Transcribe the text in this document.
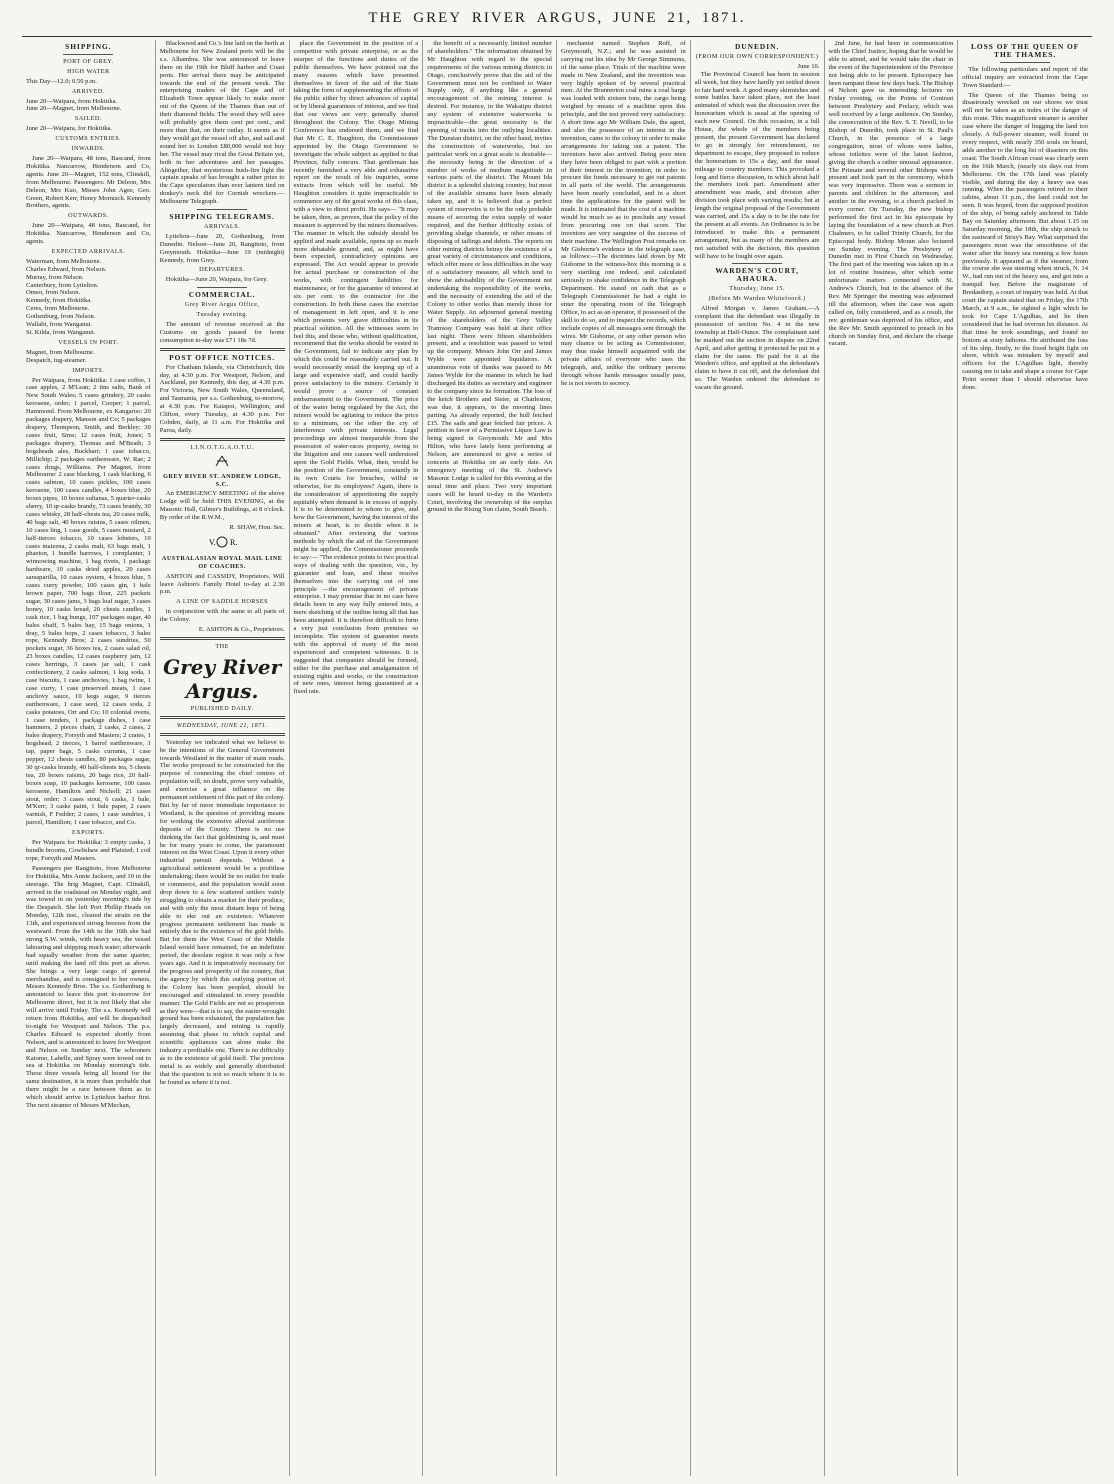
THE GREY RIVER ARGUS, JUNE 21, 1871.
SHIPPING.
PORT OF GREY.
HIGH WATER
This Day—12.0; 0.50 p.m.
ARRIVED.
June 20—Waipara, from Hokitika.
June 20—Magnet, from Melbourne.
SAILED.
June 20—Waipara, for Hokitika.
CUSTOMS ENTRIES.
INWARDS.
June 20—Waipara, 48 tons, Bascand, from Hokitika. Nancarrow, Henderson and Co, agents. June 20—Magnet, 152 tons, Clinskill, from Melbourne. Passengers: Mr Deleon, Mrs Deleon, Mrs Kuo, Misses John Agee, Geo. Green, Robert Kerr, Henry Mornisch. Kennedy Brothers, agents.
OUTWARDS.
June 20—Waipara, 48 tons, Bascand, for Hokitika. Nancarrow, Henderson and Co, agents.
EXPECTED ARRIVALS.
Waterman, from Melbourne.
Charles Edward, from Nelson.
Murray, from Nelson.
Canterbury, from Lyttelton.
Omeo, from Nelson.
Kennedy, from Hokitika.
Ceres, from Melbourne.
Gothenburg, from Nelson.
Wallabi, from Wanganui.
St. Kilda, from Wanganui.
VESSELS IN PORT.
Magnet, from Melbourne.
Despatch, tug-steamer.
IMPORTS.
Per Waipara, from Hokitika: 1 case coffee, 1 case apples, 2 M'Lean; 2 tins salts, Bank of New South Wales; 5 cases grindery, 20 casks kerosene, order; 1 parcel, Cooper; 1 parcel, Hammond. From Melbourne, ex Kangaroo: 20 packages drapery, Manson and Co; 5 packages drapery, Thompson, Smith, and Berkley; 30 cases fruit, Sims; 12 cases fruit, Jones; 5 packages drapery, Thomas and M'Beath; 3 hogsheads ales, Buckhart; 1 case tobacco, Millichip; 2 packages earthenware, W. Rae; 2 cases drugs, Williams. Per Magnet, from Melbourne: 2 case blacking, 1 cask blacking, 6 cases salmon, 10 cases pickles, 100 cases kerosene, 100 cases candles, 4 boxes blue, 20 boxes pipes, 10 boxes sultanas, 5 quarter-casks sherry, 10 qr-casks brandy, 73 cases brandy, 30 cases whisky, 28 half-chests tea, 20 cases milk, 40 bags salt, 40 boxes raisins, 5 cases oilmen, 10 cases ling, 1 case goods, 5 cases mustard, 2 half-tierces tobacco, 10 cases lobsters, 10 cases maizena, 2 casks malt, 63 bags malt, 1 phaeton, 1 bundle harrows, 1 cornplanter, 1 winnowing machine, 1 bag rivets, 1 package hardware, 10 casks dried apples, 20 cases sarsaparilla, 10 cases oysters, 4 boxes blue, 5 cases curry powder, 100 cases gin, 1 bale brown paper, 700 bags flour, 225 packets sugar, 30 cases jams, 3 bags loaf sugar, 3 cases honey, 10 casks bread, 20 chests candles, 1 cask rice, 1 bag bungs, 107 packages sugar, 40 bales chaff, 5 bales hay, 15 bags onions, 1 dray, 5 bales hops, 2 cases tobacco, 3 bales rope, Kennedy Bros; 2 cases sundries, 50 pockets sugar, 36 boxes tea, 2 cases salad oil, 23 boxes candles, 12 cases raspberry jam, 12 cases herrings, 3 cases jar salt, 1 cask confectionery, 2 casks salmon, 1 keg soda, 1 case biscuits, 1 case anchovies, 1 bag twine, 1 case curry, 1 case preserved meats, 1 case anchovy sauce, 10 kegs sugar, 9 tierces earthenware, 1 case seed, 12 cases soda, 2 casks potatoes, Orr and Co; 10 colonial ovens, 1 case tenders, 1 package dishes, 1 case hammers, 2 pieces chain, 2 casks, 2 cases, 2 bales drapery, Forsyth and Masters; 2 crates, 1 hogshead, 2 tierces, 1 barrel earthenware, 1 tap, paper bags, 5 casks currants, 1 case pepper, 12 chests candles, 80 packages sugar, 30 qr-casks brandy, 40 half-chests tea, 5 chests tea, 20 boxes raisins, 20 bags rice, 20 half-boxes soap, 10 packages kerosene, 100 cases kerosene, Hamilton and Nicholl; 21 cases stout, order; 3 cases stout, 6 casks, 1 bale, M'Kerr; 3 casks paint, 1 bale paper, 2 cases varnish, F Fedder; 2 cases, 1 case sundries, 1 parcel, Hamilton; 1 case tobacco, and Co.
EXPORTS.
Per Waipara for Hokitika: 3 empty casks, 1 bundle brooms, Cowlishaw and Plaisted; 1 coil rope, Forsyth and Masters.
Passengers per Rangitoto, from Melbourne for Hokitika, Mrs Annie Jackson, and 10 in the steerage. The brig Magnet, Capt. Clinskill, arrived in the roadstead on Monday night, and was towed in on yesterday morning's tide by the Despatch. She left Port Phillip Heads on Monday, 12th inst., cleared the straits on the 13th, and experienced strong breezes from the westward. From the 14th to the 16th she had strong S.W. winds, with heavy sea, the vessel labouring and shipping much water; afterwards had squally weather from the same quarter, until making the land off this port as above. She brings a very large cargo of general merchandise, and is consigned to her owners, Messrs Kennedy Bros. The s.s. Gothenburg is announced to leave this port to-morrow for Melbourne direct, but it is not likely that she will arrive until Friday. The s.s. Kennedy will return from Hokitika, and will be despatched to-night for Westport and Nelson. The p.s. Charles Edward is expected shortly from Nelson, and is announced to leave for Westport and Nelson on Sunday next. The schooners Kaiomo, Labelle, and Spray were towed out to sea at Hokitika on Monday morning's tide. These three vessels being all bound for the same destination, it is more than probable that there might be a race between them as to which should arrive in Lyttelton harbor first. The next steamer of Messrs M'Meckan,
Blackwood and Co.'s line laid on the berth at Melbourne for New Zealand ports will be the s.s. Alhambra. She was announced to leave there on the 19th for Bluff harbor and Coast ports. Her arrival there may be anticipated towards the end of the present week. The enterprising traders of the Cape and of Elizabeth Town appear likely to make more out of the Queen of the Thames than out of their diamond fields. The wood they will save will probably give them cent per cent., and more than that, on their outlay. It seems as if they would get the vessel off also, and sail and sound her to London £80,000 would not buy her. The vessel may rival the Great Britain yet, both in her adventures and her passages. Altogether, that mysterious bush-fire light the captain speaks of has brought a rather prize to the Cape speculators than ever lantern tied on donkey's neck did for Cornish wreckers.—Melbourne Telegraph.
SHIPPING TELEGRAMS.
ARRIVALS.
Lyttelton—June 20, Gothenburg, from Dunedin. Nelson—June 20, Rangitoto, from Greymouth. Hokitika—June 19 (midnight) Kennedy, from Grey.
DEPARTURES.
Hokitika—June 20, Waipara, for Grey.
COMMERCIAL.
Grey River Argus Office,
Tuesday evening.
The amount of revenue received at the Customs on goods passed for home consumption to-day was £71 18s 7d.
POST OFFICE NOTICES.
For Chatham Islands, via Christchurch, this day, at 4.30 p.m. For Westport, Nelson, and Auckland, per Kennedy, this day, at 4.30 p.m. For Victoria, New South Wales, Queensland, and Tasmania, per s.s. Gothenburg, to-morrow, at 4.30 p.m. For Kaiapoi, Wellington, and Clifton, every Tuesday, at 4.30 p.m. For Cobden, daily, at 11 a.m. For Hokitika and Paroa, daily.
I.I.N.O.T.G.A.O.T.U.
GREY RIVER ST. ANDREW LODGE, S.C.
An EMERGENCY MEETING of the above Lodge will be held THIS EVENING, at the Masonic Hall, Gilmer's Buildings, at 8 o'clock. By order of the R.W.M.,
R. SHAW, Hon. Sec.
V. R.
AUSTRALASIAN ROYAL MAIL LINE OF COACHES.
ASHTON and CASSIDY, Proprietors. Will leave Ashton's Family Hotel to-day at 2.30 p.m.
A LINE OF SADDLE HORSES
in conjunction with the same to all parts of the Colony.
E. ASHTON & Co., Proprietors.
THE
Grey River Argus.
PUBLISHED DAILY.
WEDNESDAY, JUNE 21, 1871.
Yesterday we indicated what we believe to be the intentions of the General Government towards Westland in the matter of main roads. The works proposed to be constructed for the purpose of connecting the chief centres of population will, no doubt, prove very valuable, and exercise a great influence on the permanent settlement of this part of the colony. But by far of more immediate importance to Westland, is the question of providing means for working the extensive alluvial auriferous deposits of the County. There is no use thinking the fact that goldmining is, and must be for many years to come, the paramount interest on the West Coast. Upon it every other industrial pursuit depends. Without a agricultural settlement would be a profitless undertaking; there would be no outlet for trade or commerce, and the population would soon drop down to a few scattered settlers vainly struggling to obtain a market for their produce, and with only the most distant hope of being able to eke out an existence. Whatever progress permanent settlement has made is entirely due to the existence of the gold fields. But for them the West Coast of the Middle Island would have remained, for an indefinite period, the desolate region it was only a few years ago. And it is imperatively necessary for the progress and prosperity of the country, that the agency by which this outlying portion of the Colony has been peopled, should be encouraged and stimulated in every possible manner. The Gold Fields are not so prosperous as they were—that is to say, the easier-wrought ground has been exhausted, the population has largely decreased, and mining is rapidly assuming that phase in which capital and scientific appliances can alone make the industry a profitable one. There is no difficulty as to the existence of gold itself. The precious metal is as widely and generally distributed that the question is not so much where it is to be found as where it is not.
place the Government in the position of a competitor with private enterprise, or as the usurper of the functions and duties of the public themselves. We have pointed out the many reasons which have presented themselves in favor of the aid of the State taking the form of supplementing the efforts of the public either by direct advances of capital or by liberal guarantees of interest, and we find that our views are very generally shared throughout the Colony. The Otago Mining Conference has endorsed them, and we find that Mr C. E. Haughton, the Commissioner appointed by the Otago Government to investigate the whole subject as applied to that Province, fully concurs. That gentleman has recently furnished a very able and exhaustive report on the result of his inquiries, some extracts from which will be useful. Mr Haughton considers it quite impracticable to commence any of the great works of this class, with a view to direct profit. He says— "It may be taken, then, as proven, that the policy of the measure is approved by the miners themselves. The manner in which the subsidy should be applied and made available, opens up so much more debatable ground, and, as might have been expected, contradictory opinions are expressed. The Act would appear to provide for actual purchase or construction of the works, with contingent liabilities for maintenance, or for the guarantee of interest at six per cent. to the contractor for the construction. In both these cases the exercise of management in left open, and it is one which presents very grave difficulties in its practical solution. All the witnesses seem to feel this, and those who, without qualification, recommend that the works should be vested in the Government, fail to indicate any plan by which this could be reasonably carried out. It would necessarily entail the keeping up of a large and expensive staff, and could hardly prove satisfactory to the miners. Certainly it would prove a source of constant embarrassment to the Government. The price of the water being regulated by the Act, the miners would be agitating to reduce the price to a minimum, on the other the cry of interference with private interests. Legal proceedings are almost inseparable from the possession of water-races property, owing to the litigation and one causes well understood upon the Gold Fields. What, then, would be the position of the Government, constantly in its own Courts for breaches, wilful or otherwise, for its employees? Again, there is the consideration of apportioning the supply equitably when demand is in excess of supply. It is to be determined to whom to give, and how the Government, having the interest of the miners at heart, is to decide when it is obtained." After reviewing the various methods by which the aid of the Government might be applied, the Commissioner proceeds to say:— "The evidence points to two practical ways of dealing with the question, viz., by guarantee and loan, and these resolve themselves into the carrying out of one principle —the encouragement of private enterprise. I may premise that in no case have details been in any way fully entered into, a mere sketching of the outline being all that has been attempted. It is therefore difficult to form a very just conclusion from premises so incomplete. The system of guarantee meets with the approval of many of the most experienced and competent witnesses. It is suggested that companies should be formed, either for the purchase and amalgamation of existing rights and works, or the construction of new ones, interest being guaranteed at a fixed rate.
the benefit of a necessarily limited number of shareholders." The information obtained by Mr Haughton with regard to the special requirements of the various mining districts in Otago, conclusively prove that the aid of the Government must not be confined to Water Supply only, if anything like a general encouragement of the mining interest is desired. For instance, in the Wakatipu district any system of extensive waterworks is impracticable—the great necessity is the opening of tracks into the outlying localities. The Dunstan district, on the other hand, invites the construction of waterworks, but no particular work on a great scale is desirable—the necessity being in the direction of a number of works of medium magnitude in various parts of the district. The Mount Ida district is a splendid sluicing country, but most of the available streams have been already taken up, and it is believed that a perfect system of reservoirs is to be the only probable means of securing the extra supply of water required, and the further difficulty exists of providing sludge channels, or other means of disposing of tailings and debris. The reports on other mining districts betray the existence of a great variety of circumstances and conditions, which offer more or less difficulties in the way of a satisfactory measure, all which tend to show the advisability of the Government not undertaking the responsibility of the works, and the necessity of extending the aid of the Colony to other works than merely those for Water Supply. An adjourned general meeting of the shareholders of the Grey Valley Tramway Company was held at their office last night. There were fifteen shareholders present, and a resolution was passed to wind up the company. Messrs John Orr and James Wylde were appointed liquidators. A unanimous vote of thanks was passed to Mr James Wylde for the manner in which he had discharged his duties as secretary and engineer to the company since its formation. The loss of the ketch Brothers and Sister, at Charleston, was due, it appears, to the mooring lines parting. As already reported, the hull fetched £15. The sails and gear fetched fair prices. A petition in favor of a Permissive Liquor Law is being signed in Greymouth. Mr and Mrs Hilton, who have lately been performing at Nelson, are announced to give a series of concerts at Hokitika on an early date. An emergency meeting of the St. Andrew's Masonic Lodge is called for this evening at the usual time and place. Two very important cases will be heard to-day in the Warden's Court, involving the ownership of the surplus ground in the Rising Sun claim, South Beach.
mechanist named Stephen Roff, of Greymouth, N.Z.; and he was assisted in carrying out his idea by Mr George Simmons, of the same place. Trials of the machine were made in New Zealand, and the invention was very highly spoken of by several practical men. At the Brunnerton coal mine a coal barge was loaded with sixteen tons, the cargo being weighed by means of a machine upon this principle, and the test proved very satisfactory. A short time ago Mr William Dale, the agent, and also the possessor of an interest in the invention, came to the colony in order to make arrangements for taking out a patent. The inventors have also arrived. Being poor men they have been obliged to part with a portion of their interest in the invention, in order to procure the funds necessary to get out patents in all parts of the world. The arrangements have been nearly concluded, and in a short time the applications for the patent will be made. It is intimated that the cost of a machine would be much so as to preclude any vessel from procuring one on that score. The inventors are very sanguine of the success of their machine. The Wellington Post remarks on Mr Gisborne's evidence in the telegraph case, as follows:—The doctrines laid down by Mr Gisborne in the witness-box this morning is a very startling one indeed, and calculated seriously to shake confidence in the Telegraph Department. He stated on oath that as a Telegraph Commissioner he had a right to enter the operating room of the Telegraph Office, to act as an operator, if possessed of the skill to do so, and to inspect the records, which include copies of all messages sent through the wires. Mr Gisborne, or any other person who may chance to be acting as Commissioner, may thus make himself acquainted with the private affairs of everyone who uses the telegraph, and, unlike the ordinary persons through whose hands messages usually pass, he is not sworn to secrecy.
DUNEDIN.
(FROM OUR OWN CORRESPONDENT.)
June 10.
The Provincial Council has been in session all week, but they have hardly yet settled down to fair hard work. A good many skirmishes and some battles have taken place, not the least animated of which was the discussion over the honorarium which is usual at the opening of each new Council. On this occasion, in a full House, the whole of the members being present, the present Government has declared to go in strongly for retrenchment, no department to escape, they proposed to reduce the honorarium to 15s a day, and the usual mileage to country members. This provoked a long and fierce discussion, in which about half the members took part. Amendment after amendment was made, and division after division took place with varying results; but at length the original proposal of the Government was carried, and 15s a day is to be the rate for the present at all events. An Ordinance is to be introduced to make this a permanent arrangement, but as many of the members are not satisfied with the decision, this question will have to be fought over again.
WARDEN'S COURT, AHAURA.
Thursday, June 15.
(Before Mr Warden Whitefoord.)
Alfred Morgan v. James Graham.—A complaint that the defendant was illegally in possession of section No. 4 in the new township at Half-Ounce. The complainant said he marked out the section in dispute on 22nd April, and after getting it protected he put in a claim for the same. He paid for it at the Warden's office, and applied at the defendant's claim to have it cut off, and the defendant did so. The Warden ordered the defendant to vacate the ground.
2nd June, he had been in communication with the Chief Justice, hoping that he would be able to attend, and he would take the chair in the event of the Superintendent of the Province not being able to be present. Episcopacy has been rampant these few days back. The Bishop of Nelson gave us interesting lectures on Friday evening, on the Points of Contrast between Presbytery and Prelacy, which was well received by a large audience. On Sunday, the consecration of the Rev. S. T. Nevill, to be Bishop of Dunedin, took place in St. Paul's Church, in the presence of a large congregation, most of whom were ladies, whose toilettes were of the latest fashion, giving the church a rather unusual appearance. The Primate and several other Bishops were present and took part in the ceremony, which was very impressive. There was a sermon to parents and children in the afternoon, and another in the evening, to a church packed in every corner. On Tuesday, the new bishop performed the first act in his episcopate by laying the foundation of a new church at Port Chalmers, to be called Trinity Church, for the Episcopal body. Bishop Moran also lectured on Sunday evening. The Presbytery of Dunedin met in First Church on Wednesday. The first part of the meeting was taken up in a lot of routine business, after which some unfortunate matters connected with St. Andrew's Church, but in the absence of the Rev. Mr Springer the meeting was adjourned till the afternoon, when the case was again called on, fully considered, and as a result, the rev. gentleman was deprived of his office, and the Rev Mr. Smith appointed to preach in his church on Sunday first, and declare the charge vacant.
LOSS OF THE QUEEN OF THE THAMES.
The following particulars and report of the official inquiry are extracted from the Cape Town Standard:—
The Queen of the Thames being so disastrously wrecked on our shores we trust will not be taken as an index of the danger of this route. This magnificent steamer is another case where the danger of hugging the land too closely. A full-power steamer, well found in every respect, with nearly 350 souls on board, adds another to the long list of disasters on this coast. The South African coast was clearly seen on the 16th March, (nearly six days out from Melbourne. On the 17th land was plainly visible, and during the day a heavy sea was running. When the passengers retired to their cabins, about 11 p.m., the land could not be seen. It was hoped, from the supposed position of the ship, of being safely anchored in Table Bay on Saturday afternoon. But about 1.15 on Saturday morning, the 18th, the ship struck to the eastward of Struy's Bay. What surprised the passengers most was the smoothness of the water after the heavy sea running a few hours previously. It appeared as if the steamer, from the course she was steering when struck, N. 14 W., had run out of the heavy sea, and got into a tranquil bay. Before the magistrate of Bredasdorp, a court of inquiry was held. At that court the captain stated that on Friday, the 17th March, at 9 a.m., he sighted a light which he took for Cape L'Agulhas, and he then considered that he had overrun his distance. At that time he took soundings, and found no bottom at sixty fathoms. He attributed the loss of his ship, firstly, to the fixed bright light on shore, which was mistaken by myself and officers for the L'Agulhas light, thereby causing me to take and shape a course for Cape Point sooner than I should otherwise have done.
